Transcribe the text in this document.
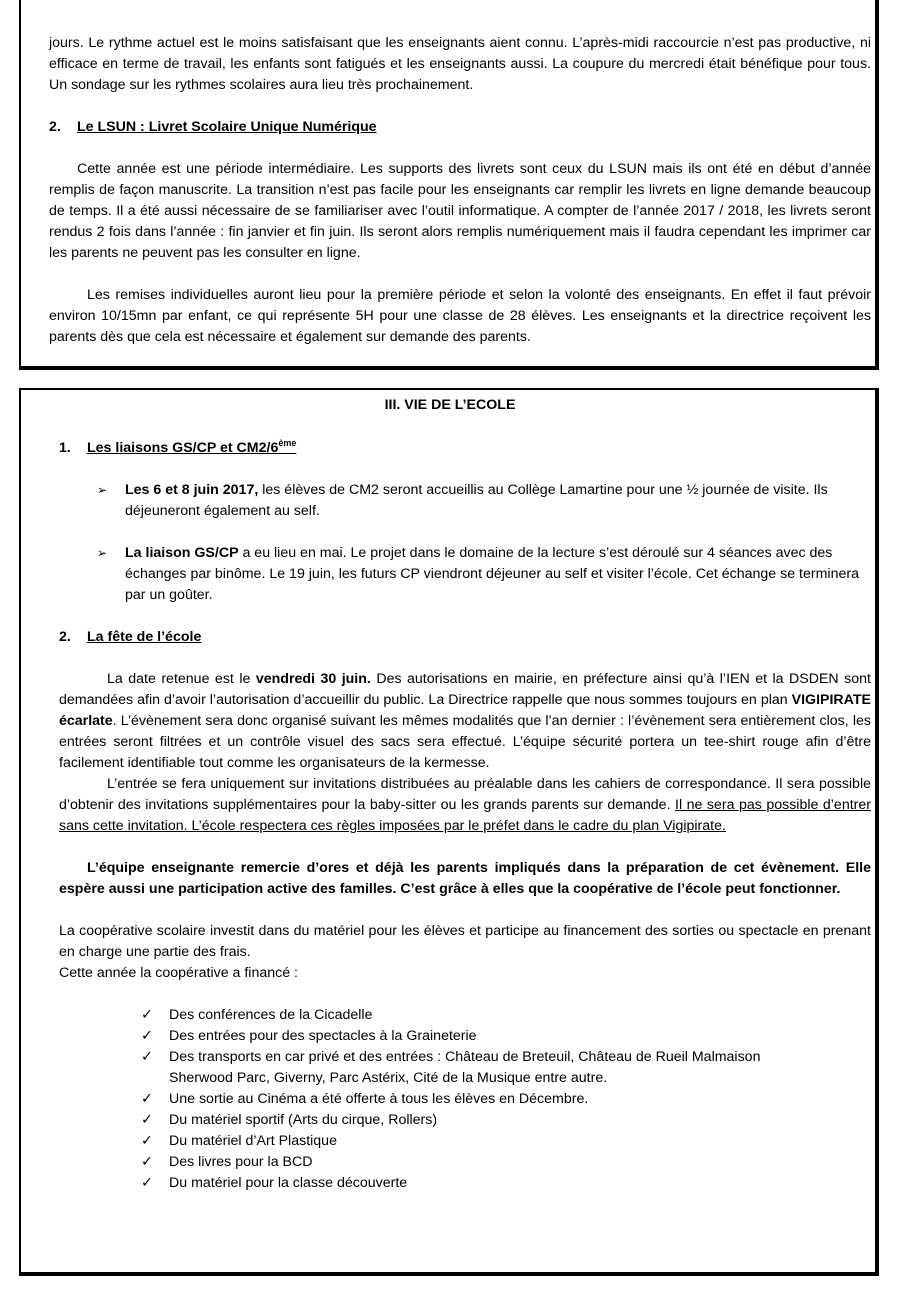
jours. Le rythme actuel est le moins satisfaisant que les enseignants aient connu. L’après-midi raccourcie n’est pas productive, ni efficace en terme de travail, les enfants sont fatigués et les enseignants aussi. La coupure du mercredi était bénéfique pour tous. Un sondage sur les rythmes scolaires aura lieu très prochainement.

2. Le LSUN : Livret Scolaire Unique Numérique

Cette année est une période intermédiaire. Les supports des livrets sont ceux du LSUN mais ils ont été en début d’année remplis de façon manuscrite. La transition n’est pas facile pour les enseignants car remplir les livrets en ligne demande beaucoup de temps. Il a été aussi nécessaire de se familiariser avec l’outil informatique. A compter de l’année 2017 / 2018, les livrets seront rendus 2 fois dans l’année : fin janvier et fin juin. Ils seront alors remplis numériquement mais il faudra cependant les imprimer car les parents ne peuvent pas les consulter en ligne.

Les remises individuelles auront lieu pour la première période et selon la volonté des enseignants. En effet il faut prévoir environ 10/15mn par enfant, ce qui représente 5H pour une classe de 28 élèves. Les enseignants et la directrice reçoivent les parents dès que cela est nécessaire et également sur demande des parents.

III. VIE DE L’ECOLE

1. Les liaisons GS/CP et CM2/6ème

➢ Les 6 et 8 juin 2017, les élèves de CM2 seront accueillis au Collège Lamartine pour une ½ journée de visite. Ils déjeuneront également au self.
➢ La liaison GS/CP a eu lieu en mai. Le projet dans le domaine de la lecture s’est déroulé sur 4 séances avec des échanges par binôme. Le 19 juin, les futurs CP viendront déjeuner au self et visiter l’école. Cet échange se terminera par un goûter.

2. La fête de l’école

La date retenue est le vendredi 30 juin. Des autorisations en mairie, en préfecture ainsi qu’à l’IEN et la DSDEN sont demandées afin d’avoir l’autorisation d’accueillir du public. La Directrice rappelle que nous sommes toujours en plan VIGIPIRATE écarlate. L’évènement sera donc organisé suivant les mêmes modalités que l’an dernier : l’évènement sera entièrement clos, les entrées seront filtrées et un contrôle visuel des sacs sera effectué. L’équipe sécurité portera un tee-shirt rouge afin d’être facilement identifiable tout comme les organisateurs de la kermesse.

L’entrée se fera uniquement sur invitations distribuées au préalable dans les cahiers de correspondance. Il sera possible d’obtenir des invitations supplémentaires pour la baby-sitter ou les grands parents sur demande. Il ne sera pas possible d’entrer sans cette invitation. L’école respectera ces règles imposées par le préfet dans le cadre du plan Vigipirate.

L’équipe enseignante remercie d’ores et déjà les parents impliqués dans la préparation de cet évènement. Elle espère aussi une participation active des familles. C’est grâce à elles que la coopérative de l’école peut fonctionner.

La coopérative scolaire investit dans du matériel pour les élèves et participe au financement des sorties ou spectacle en prenant en charge une partie des frais.

Cette année la coopérative a financé :

✓ Des conférences de la Cicadelle
✓ Des entrées pour des spectacles à la Graineterie
✓ Des transports en car privé et des entrées : Château de Breteuil, Château de Rueil Malmaison
Sherwood Parc, Giverny, Parc Astérix, Cité de la Musique entre autre.
✓ Une sortie au Cinéma a été offerte à tous les élèves en Décembre.
✓ Du matériel sportif (Arts du cirque, Rollers)
✓ Du matériel d’Art Plastique
✓ Des livres pour la BCD
✓ Du matériel pour la classe découverte
